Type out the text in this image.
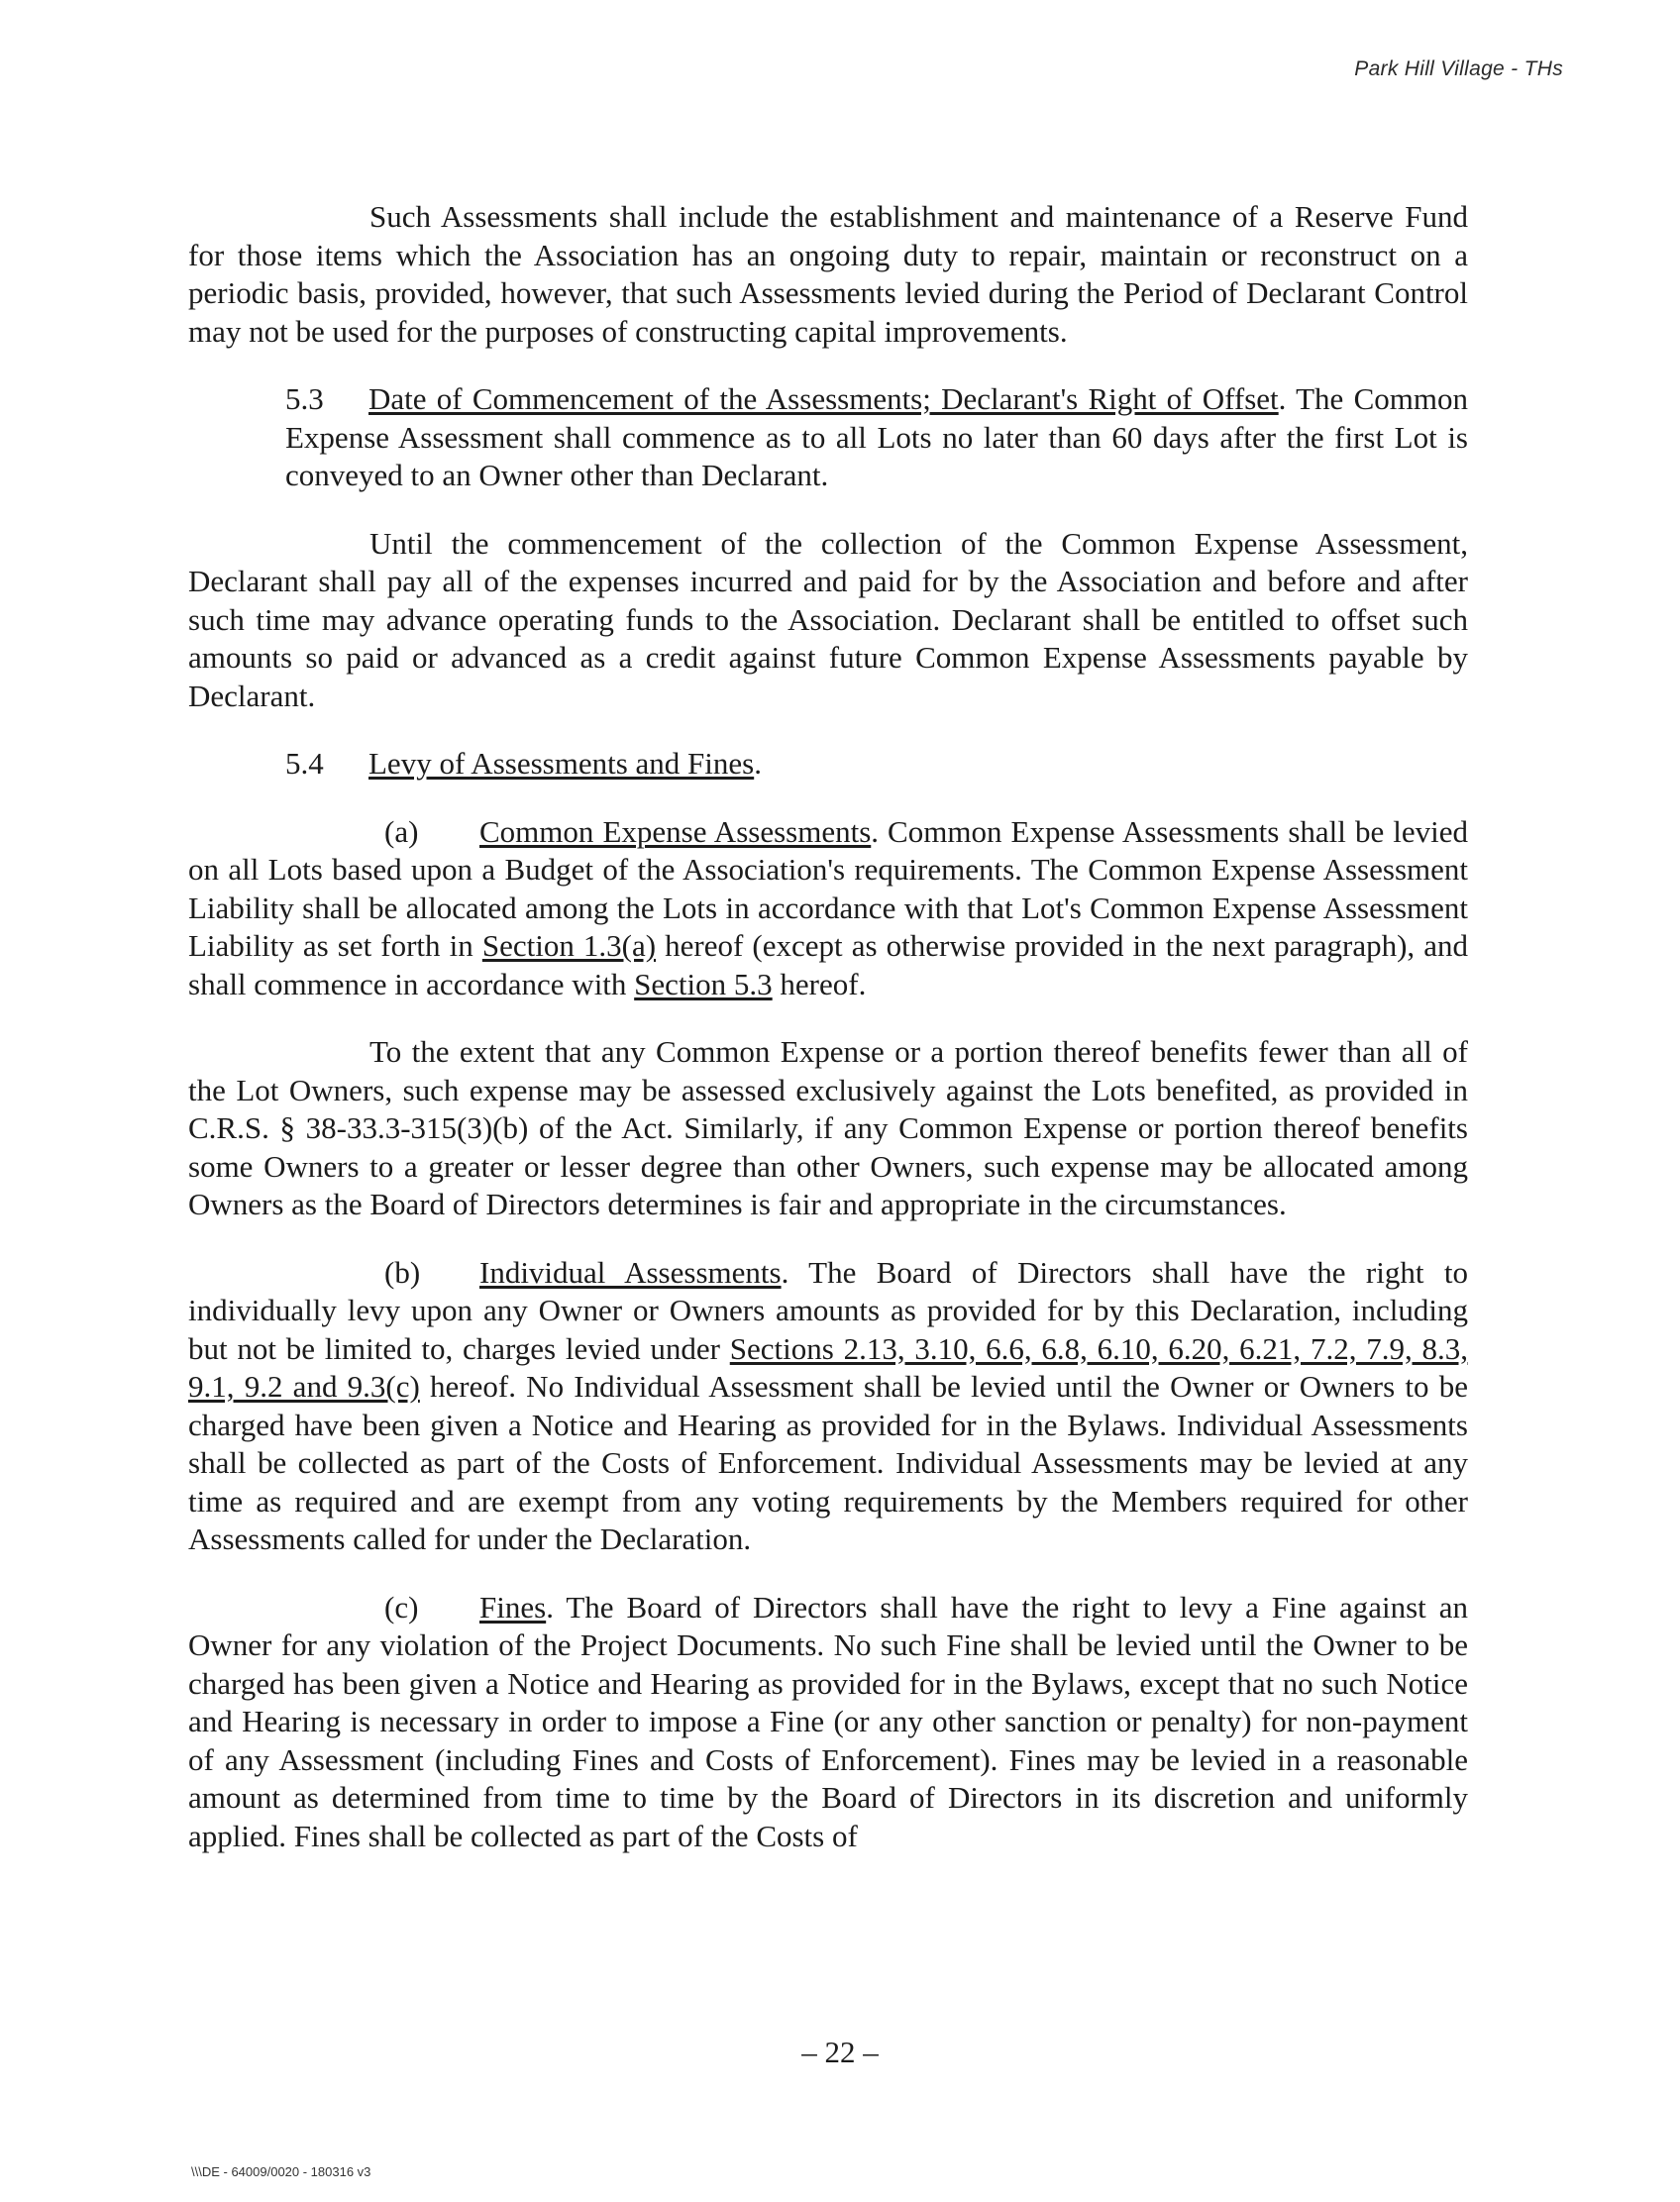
Park Hill Village - THs

Such Assessments shall include the establishment and maintenance of a Reserve Fund for those items which the Association has an ongoing duty to repair, maintain or reconstruct on a periodic basis, provided, however, that such Assessments levied during the Period of Declarant Control may not be used for the purposes of constructing capital improvements.

5.3 Date of Commencement of the Assessments; Declarant's Right of Offset. The Common Expense Assessment shall commence as to all Lots no later than 60 days after the first Lot is conveyed to an Owner other than Declarant.

Until the commencement of the collection of the Common Expense Assessment, Declarant shall pay all of the expenses incurred and paid for by the Association and before and after such time may advance operating funds to the Association. Declarant shall be entitled to offset such amounts so paid or advanced as a credit against future Common Expense Assessments payable by Declarant.

5.4 Levy of Assessments and Fines.

(a) Common Expense Assessments. Common Expense Assessments shall be levied on all Lots based upon a Budget of the Association's requirements. The Common Expense Assessment Liability shall be allocated among the Lots in accordance with that Lot's Common Expense Assessment Liability as set forth in Section 1.3(a) hereof (except as otherwise provided in the next paragraph), and shall commence in accordance with Section 5.3 hereof.

To the extent that any Common Expense or a portion thereof benefits fewer than all of the Lot Owners, such expense may be assessed exclusively against the Lots benefited, as provided in C.R.S. § 38-33.3-315(3)(b) of the Act. Similarly, if any Common Expense or portion thereof benefits some Owners to a greater or lesser degree than other Owners, such expense may be allocated among Owners as the Board of Directors determines is fair and appropriate in the circumstances.

(b) Individual Assessments. The Board of Directors shall have the right to individually levy upon any Owner or Owners amounts as provided for by this Declaration, including but not be limited to, charges levied under Sections 2.13, 3.10, 6.6, 6.8, 6.10, 6.20, 6.21, 7.2, 7.9, 8.3, 9.1, 9.2 and 9.3(c) hereof. No Individual Assessment shall be levied until the Owner or Owners to be charged have been given a Notice and Hearing as provided for in the Bylaws. Individual Assessments shall be collected as part of the Costs of Enforcement. Individual Assessments may be levied at any time as required and are exempt from any voting requirements by the Members required for other Assessments called for under the Declaration.

(c) Fines. The Board of Directors shall have the right to levy a Fine against an Owner for any violation of the Project Documents. No such Fine shall be levied until the Owner to be charged has been given a Notice and Hearing as provided for in the Bylaws, except that no such Notice and Hearing is necessary in order to impose a Fine (or any other sanction or penalty) for non-payment of any Assessment (including Fines and Costs of Enforcement). Fines may be levied in a reasonable amount as determined from time to time by the Board of Directors in its discretion and uniformly applied. Fines shall be collected as part of the Costs of

– 22 –
\\\DE - 64009/0020 - 180316 v3
